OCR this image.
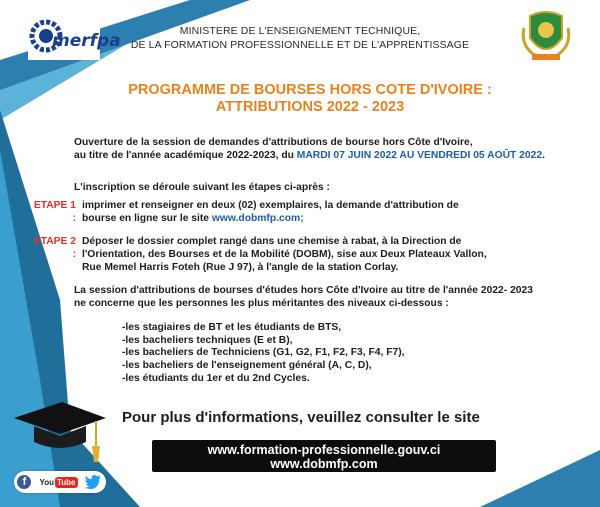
merfpa	MINISTERE DE L'ENSEIGNEMENT TECHNIQUE,
DE LA FORMATION PROFESSIONNELLE ET DE L'APPRENTISSAGE
PROGRAMME DE BOURSES HORS COTE D'IVOIRE :
ATTRIBUTIONS 2022 - 2023
Ouverture de la session de demandes d'attributions de bourse hors Côte d'Ivoire,
au titre de l'année académique 2022-2023, du MARDI 07 JUIN 2022 AU VENDREDI 05 AOÛT 2022.
L'inscription se déroule suivant les étapes ci-après :
ETAPE 1 :
imprimer et renseigner en deux (02) exemplaires, la demande d'attribution de
bourse en ligne sur le site www.dobmfp.com;
ETAPE 2 :
Déposer le dossier complet rangé dans une chemise à rabat, à la Direction de
l'Orientation, des Bourses et de la Mobilité (DOBM), sise aux Deux Plateaux Vallon,
Rue Memel Harris Foteh (Rue J 97), à l'angle de la station Corlay.
La session d'attributions de bourses d'études hors Côte d'Ivoire au titre de l'année 2022- 2023
ne concerne que les personnes les plus méritantes des niveaux ci-dessous :
-les stagiaires de BT et les étudiants de BTS,
-les bacheliers techniques (E et B),
-les bacheliers de Techniciens (G1, G2, F1, F2, F3, F4, F7),
-les bacheliers de l'enseignement général (A, C, D),
-les étudiants du 1er et du 2nd Cycles.
Pour plus d'informations, veuillez consulter le site
www.formation-professionnelle.gouv.ci
www.dobmfp.com
f	You Tube
